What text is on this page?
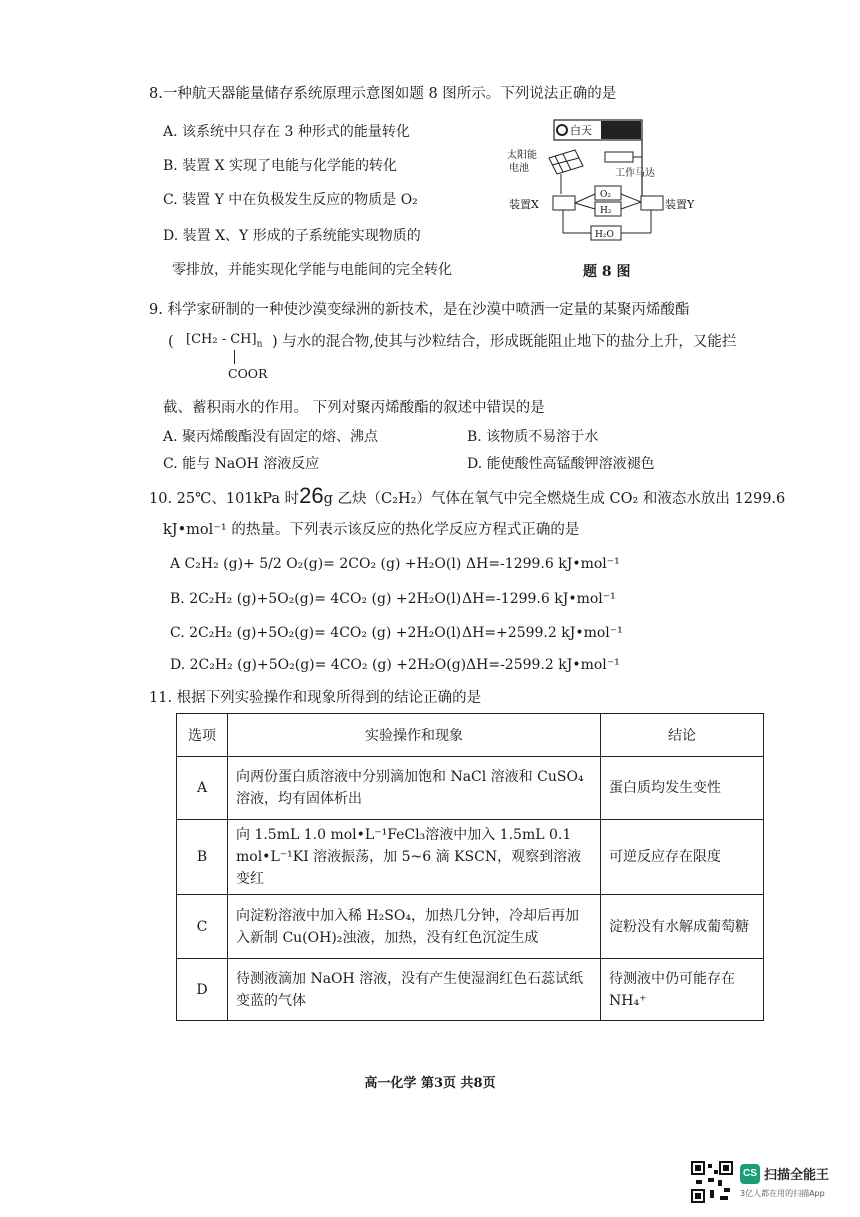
8.一种航天器能量储存系统原理示意图如题 8 图所示。下列说法正确的是
A. 该系统中只存在 3 种形式的能量转化
B. 装置 X 实现了电能与化学能的转化
C. 装置 Y 中在负极发生反应的物质是 O₂
D. 装置 X、Y 形成的子系统能实现物质的
零排放，并能实现化学能与电能间的完全转化
白天
太阳能
电池	工作马达
装置X
O₂
H₂	装置Y
H₂O
题 8 图
9. 科学家研制的一种使沙漠变绿洲的新技术，是在沙漠中喷洒一定量的某聚丙烯酸酯
( $[CH_2 - CH]_n$
COOR
) 与水的混合物,使其与沙粒结合，形成既能阻止地下的盐分上升，又能拦
截、蓄积雨水的作用。 下列对聚丙烯酸酯的叙述中错误的是
A. 聚丙烯酸酯没有固定的熔、沸点	B. 该物质不易溶于水
C. 能与 NaOH 溶液反应	D. 能使酸性高锰酸钾溶液褪色
10. 25℃、101kPa 时26g 乙炔（C₂H₂）气体在氧气中完全燃烧生成 CO₂ 和液态水放出 1299.6
kJ•mol⁻¹ 的热量。下列表示该反应的热化学反应方程式正确的是
A C₂H₂ (g)+ 5/2 O₂(g)= 2CO₂ (g) +H₂O(l) ΔH=-1299.6 kJ•mol⁻¹
B. 2C₂H₂ (g)+5O₂(g)= 4CO₂ (g) +2H₂O(l) ΔH=-1299.6 kJ•mol⁻¹
C. 2C₂H₂ (g)+5O₂(g)= 4CO₂ (g) +2H₂O(l) ΔH=+2599.2 kJ•mol⁻¹
D. 2C₂H₂ (g)+5O₂(g)= 4CO₂ (g) +2H₂O(g) ΔH=-2599.2 kJ•mol⁻¹
11. 根据下列实验操作和现象所得到的结论正确的是
选项	实验操作和现象	结论
A	向两份蛋白质溶液中分别滴加饱和 NaCl 溶液和 CuSO₄ 溶液，均有固体析出	蛋白质均发生变性
B	向 1.5mL 1.0 mol•L⁻¹FeCl₃溶液中加入 1.5mL 0.1 mol•L⁻¹KI 溶液振荡，加 5~6 滴 KSCN，观察到溶液变红	可逆反应存在限度
C	向淀粉溶液中加入稀 H₂SO₄，加热几分钟，冷却后再加入新制 Cu(OH)₂浊液，加热，没有红色沉淀生成	淀粉没有水解成葡萄糖
D	待测液滴加 NaOH 溶液，没有产生使湿润红色石蕊试纸变蓝的气体	待测液中仍可能存在 NH₄⁺
高一化学 第3页 共8页
CS 扫描全能王
3亿人都在用的扫描App
